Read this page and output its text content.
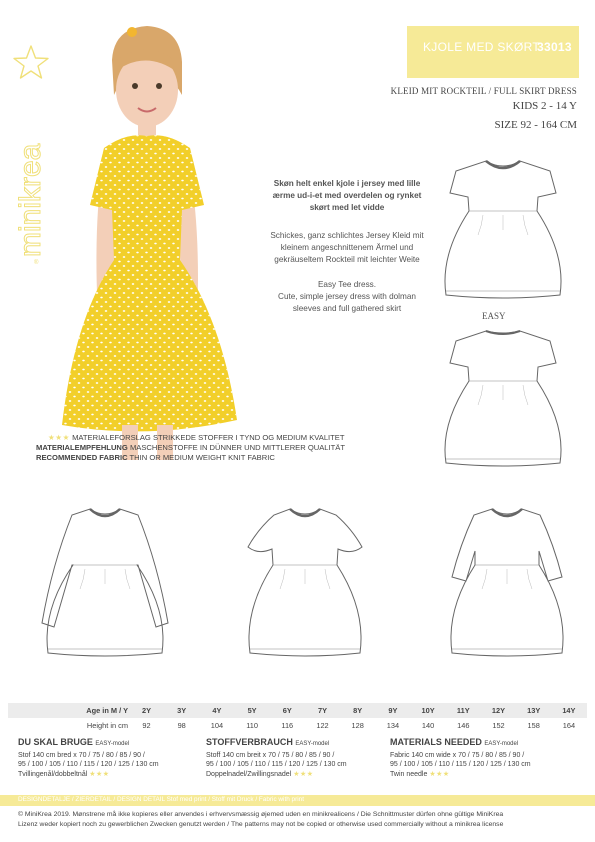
minikrea
®
KJOLE MED SKØRT
33013
KLEID MIT ROCKTEIL / FULL SKIRT DRESS
KIDS 2 - 14 Y
SIZE 92 - 164 CM
Skøn helt enkel kjole i jersey med lille
ærme ud-i-et med overdelen og rynket
skørt med let vidde
Schickes, ganz schlichtes Jersey Kleid mit
kleinem angeschnittenem Ärmel und
gekräuseltem Rockteil mit leichter Weite
Easy Tee dress.
Cute, simple jersey dress with dolman
sleeves and full gathered skirt
★★★ MATERIALEFORSLAG STRIKKEDE STOFFER I TYND OG MEDIUM KVALITET
MATERIALEMPFEHLUNG MASCHENSTOFFE IN DÜNNER UND MITTLERER QUALITÄT
RECOMMENDED FABRIC THIN OR MEDIUM WEIGHT KNIT FABRIC
EASY
Age in M / Y	2Y	3Y	4Y	5Y	6Y	7Y	8Y	9Y	10Y	11Y	12Y	13Y	14Y
Height in cm	92	98	104	110	116	122	128	134	140	146	152	158	164
DU SKAL BRUGE EASY-model
Stof 140 cm bred x 70 / 75 / 80 / 85 / 90 /
95 / 100 / 105 / 110 / 115 / 120 / 125 / 130 cm
Tvillingenål/dobbeltnål ★★★
STOFFVERBRAUCH EASY-model
Stoff 140 cm breit x 70 / 75 / 80 / 85 / 90 /
95 / 100 / 105 / 110 / 115 / 120 / 125 / 130 cm
Doppelnadel/Zwillingsnadel ★★★
MATERIALS NEEDED EASY-model
Fabric 140 cm wide x 70 / 75 / 80 / 85 / 90 /
95 / 100 / 105 / 110 / 115 / 120 / 125 / 130 cm
Twin needle ★★★
DESIGNDETALJE / ZIERDETAIL / DESIGN DETAIL Stof med print / Stoff mit Druck / Fabric with print
© MiniKrea 2019. Mønstrene må ikke kopieres eller anvendes i erhvervsmæssig øjemed uden en minikrealicens / Die Schnittmuster dürfen ohne gültige MiniKrea
Lizenz weder kopiert noch zu gewerblichen Zwecken genutzt werden / The patterns may not be copied or otherwise used commercially without a minikrea license
